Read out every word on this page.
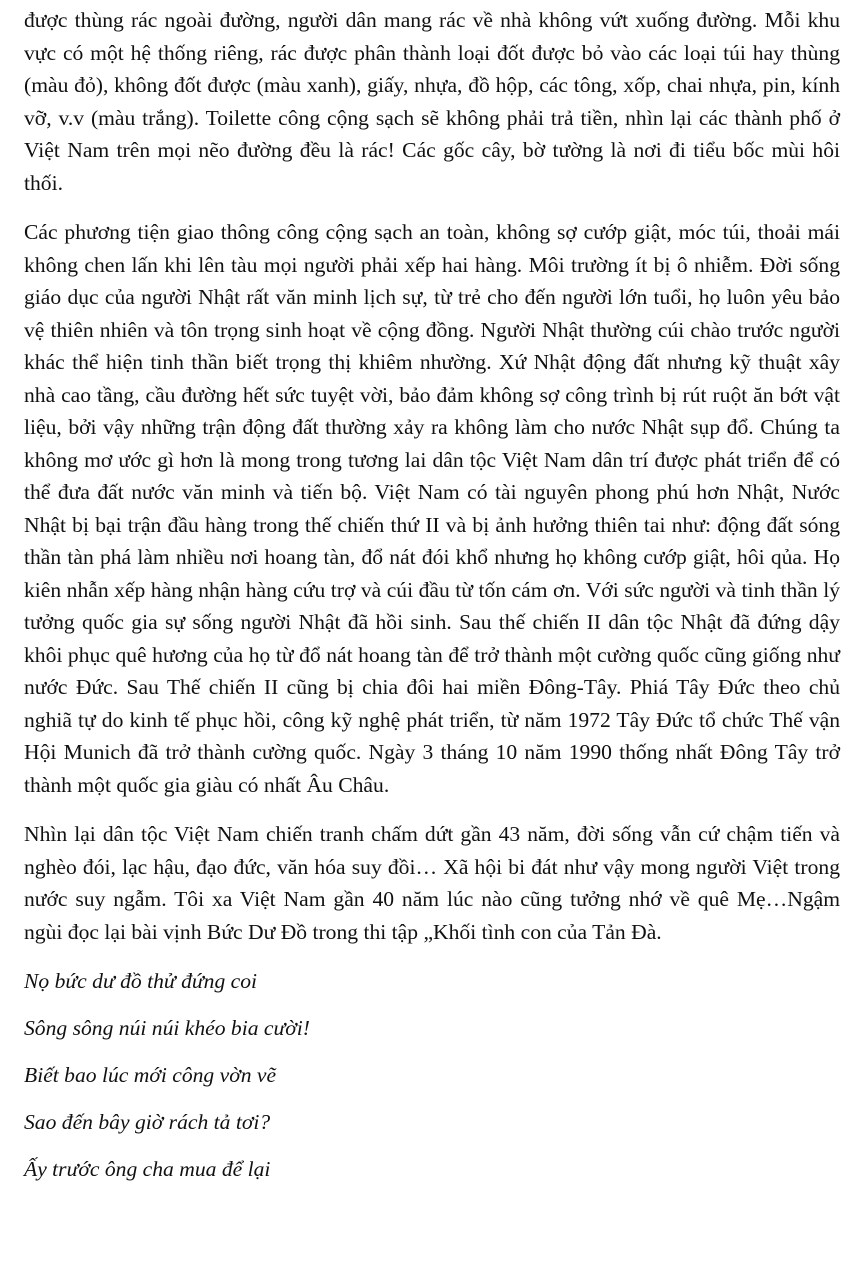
được thùng rác ngoài đường, người dân mang rác về nhà không vứt xuống đường. Mỗi khu vực có một hệ thống riêng, rác được phân thành loại đốt được bỏ vào các loại túi hay thùng (màu đỏ), không đốt được (màu xanh), giấy, nhựa, đồ hộp, các tông, xốp, chai nhựa, pin, kính vỡ, v.v (màu trắng). Toilette công cộng sạch sẽ không phải trả tiền, nhìn lại các thành phố ở Việt Nam trên mọi nẽo đường đều là rác! Các gốc cây, bờ tường là nơi đi tiểu bốc mùi hôi thối.

Các phương tiện giao thông công cộng sạch an toàn, không sợ cướp giật, móc túi, thoải mái không chen lấn khi lên tàu mọi người phải xếp hai hàng. Môi trường ít bị ô nhiễm. Đời sống giáo dục của người Nhật rất văn minh lịch sự, từ trẻ cho đến người lớn tuổi, họ luôn yêu bảo vệ thiên nhiên và tôn trọng sinh hoạt về cộng đồng. Người Nhật thường cúi chào trước người khác thể hiện tinh thần biết trọng thị khiêm nhường. Xứ Nhật động đất nhưng kỹ thuật xây nhà cao tầng, cầu đường hết sức tuyệt vời, bảo đảm không sợ công trình bị rút ruột ăn bớt vật liệu, bởi vậy những trận động đất thường xảy ra không làm cho nước Nhật sụp đổ. Chúng ta không mơ ước gì hơn là mong trong tương lai dân tộc Việt Nam dân trí được phát triển để có thể đưa đất nước văn minh và tiến bộ. Việt Nam có tài nguyên phong phú hơn Nhật, Nước Nhật bị bại trận đầu hàng trong thế chiến thứ II và bị ảnh hưởng thiên tai như: động đất sóng thần tàn phá làm nhiều nơi hoang tàn, đổ nát đói khổ nhưng họ không cướp giật, hôi qủa. Họ kiên nhẫn xếp hàng nhận hàng cứu trợ và cúi đầu từ tốn cám ơn. Với sức người và tinh thần lý tưởng quốc gia sự sống người Nhật đã hồi sinh. Sau thế chiến II dân tộc Nhật đã đứng dậy khôi phục quê hương của họ từ đổ nát hoang tàn để trở thành một cường quốc cũng giống như nước Đức. Sau Thế chiến II cũng bị chia đôi hai miền Đông-Tây. Phiá Tây Đức theo chủ nghiã tự do kinh tế phục hồi, công kỹ nghệ phát triển, từ năm 1972 Tây Đức tổ chức Thế vận Hội Munich đã trở thành cường quốc. Ngày 3 tháng 10 năm 1990 thống nhất Đông Tây trở thành một quốc gia giàu có nhất Âu Châu.

Nhìn lại dân tộc Việt Nam chiến tranh chấm dứt gần 43 năm, đời sống vẫn cứ chậm tiến và nghèo đói, lạc hậu, đạo đức, văn hóa suy đồi… Xã hội bi đát như vậy mong người Việt trong nước suy ngẫm. Tôi xa Việt Nam gần 40 năm lúc nào cũng tưởng nhớ về quê Mẹ…Ngậm ngùi đọc lại bài vịnh Bức Dư Đồ trong thi tập „Khối tình con của Tản Đà.

Nọ bức dư đồ thử đứng coi

Sông sông núi núi khéo bia cười!

Biết bao lúc mới công vờn vẽ

Sao đến bây giờ rách tả tơi?

Ấy trước ông cha mua để lại
